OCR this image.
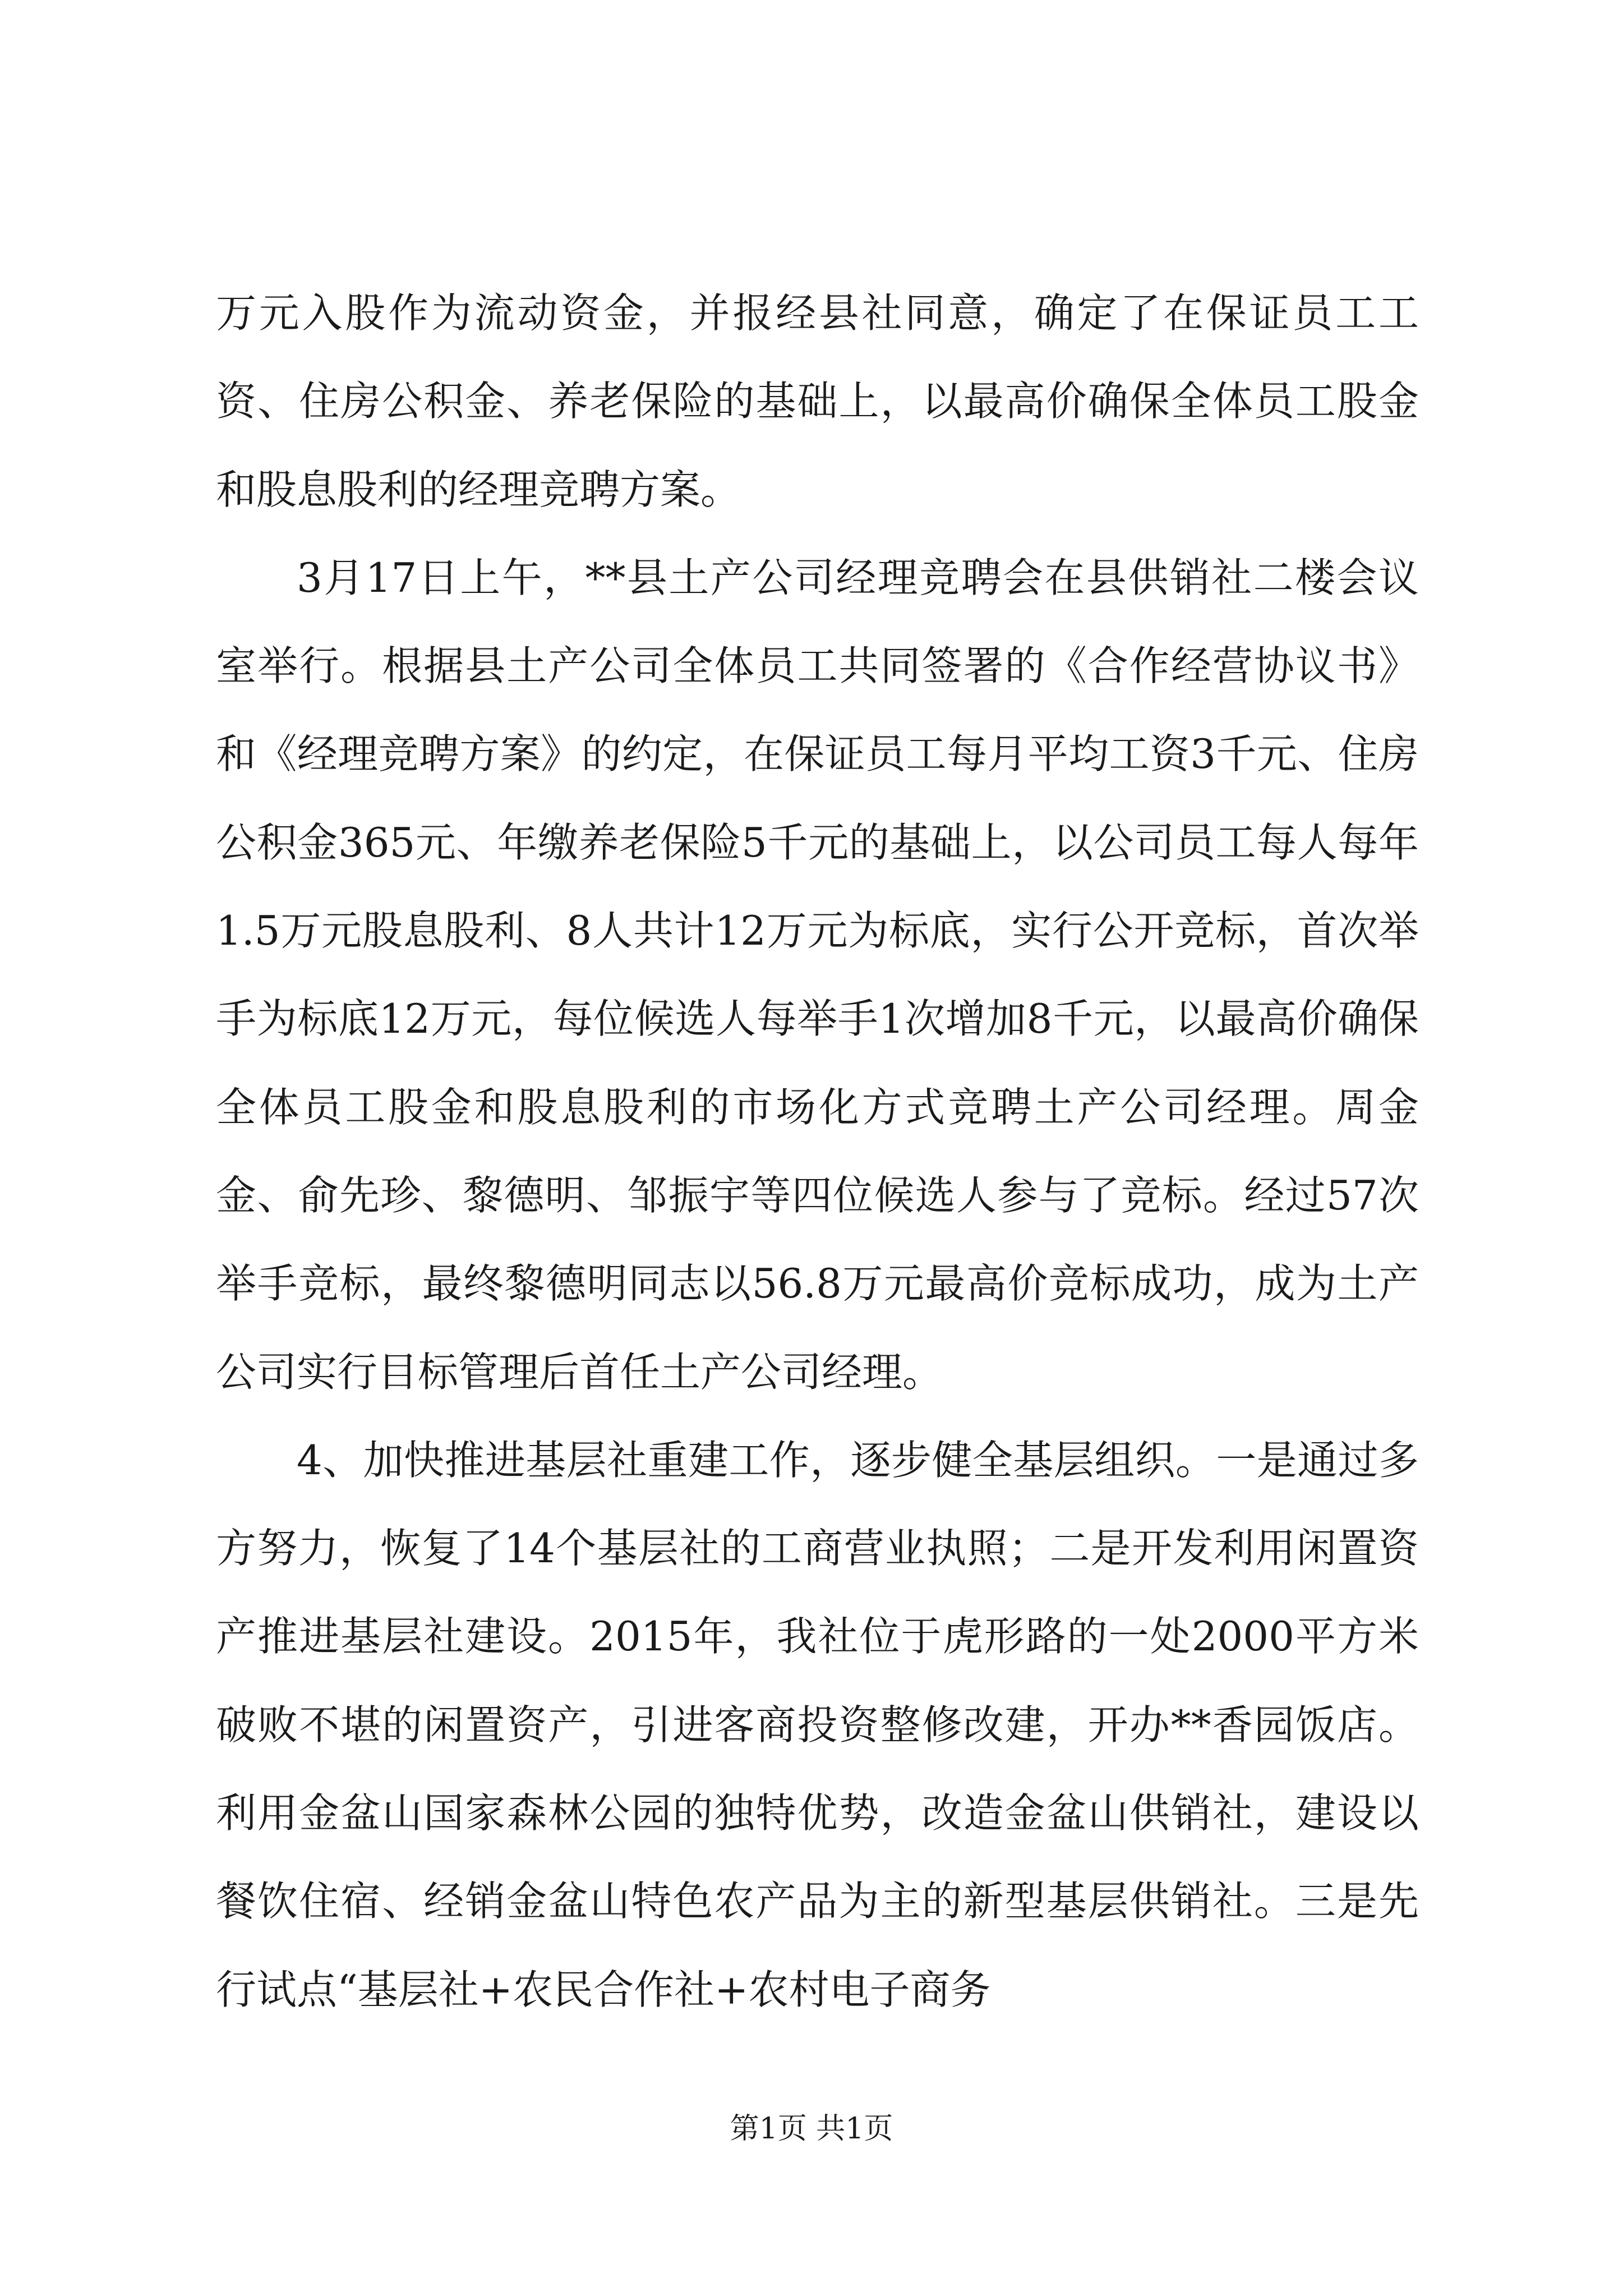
万元入股作为流动资金，并报经县社同意，确定了在保证员工工资、住房公积金、养老保险的基础上，以最高价确保全体员工股金和股息股利的经理竞聘方案。

3月17日上午，**县土产公司经理竞聘会在县供销社二楼会议室举行。根据县土产公司全体员工共同签署的《合作经营协议书》和《经理竞聘方案》的约定，在保证员工每月平均工资3千元、住房公积金365元、年缴养老保险5千元的基础上，以公司员工每人每年1.5万元股息股利、8人共计12万元为标底，实行公开竞标，首次举手为标底12万元，每位候选人每举手1次增加8千元，以最高价确保全体员工股金和股息股利的市场化方式竞聘土产公司经理。周金金、俞先珍、黎德明、邹振宇等四位候选人参与了竞标。经过57次举手竞标，最终黎德明同志以56.8万元最高价竞标成功，成为土产公司实行目标管理后首任土产公司经理。

4、加快推进基层社重建工作，逐步健全基层组织。一是通过多方努力，恢复了14个基层社的工商营业执照；二是开发利用闲置资产推进基层社建设。2015年，我社位于虎形路的一处2000平方米破败不堪的闲置资产，引进客商投资整修改建，开办**香园饭店。利用金盆山国家森林公园的独特优势，改造金盆山供销社，建设以餐饮住宿、经销金盆山特色农产品为主的新型基层供销社。三是先行试点“基层社+农民合作社+农村电子商务

第1页 共1页
